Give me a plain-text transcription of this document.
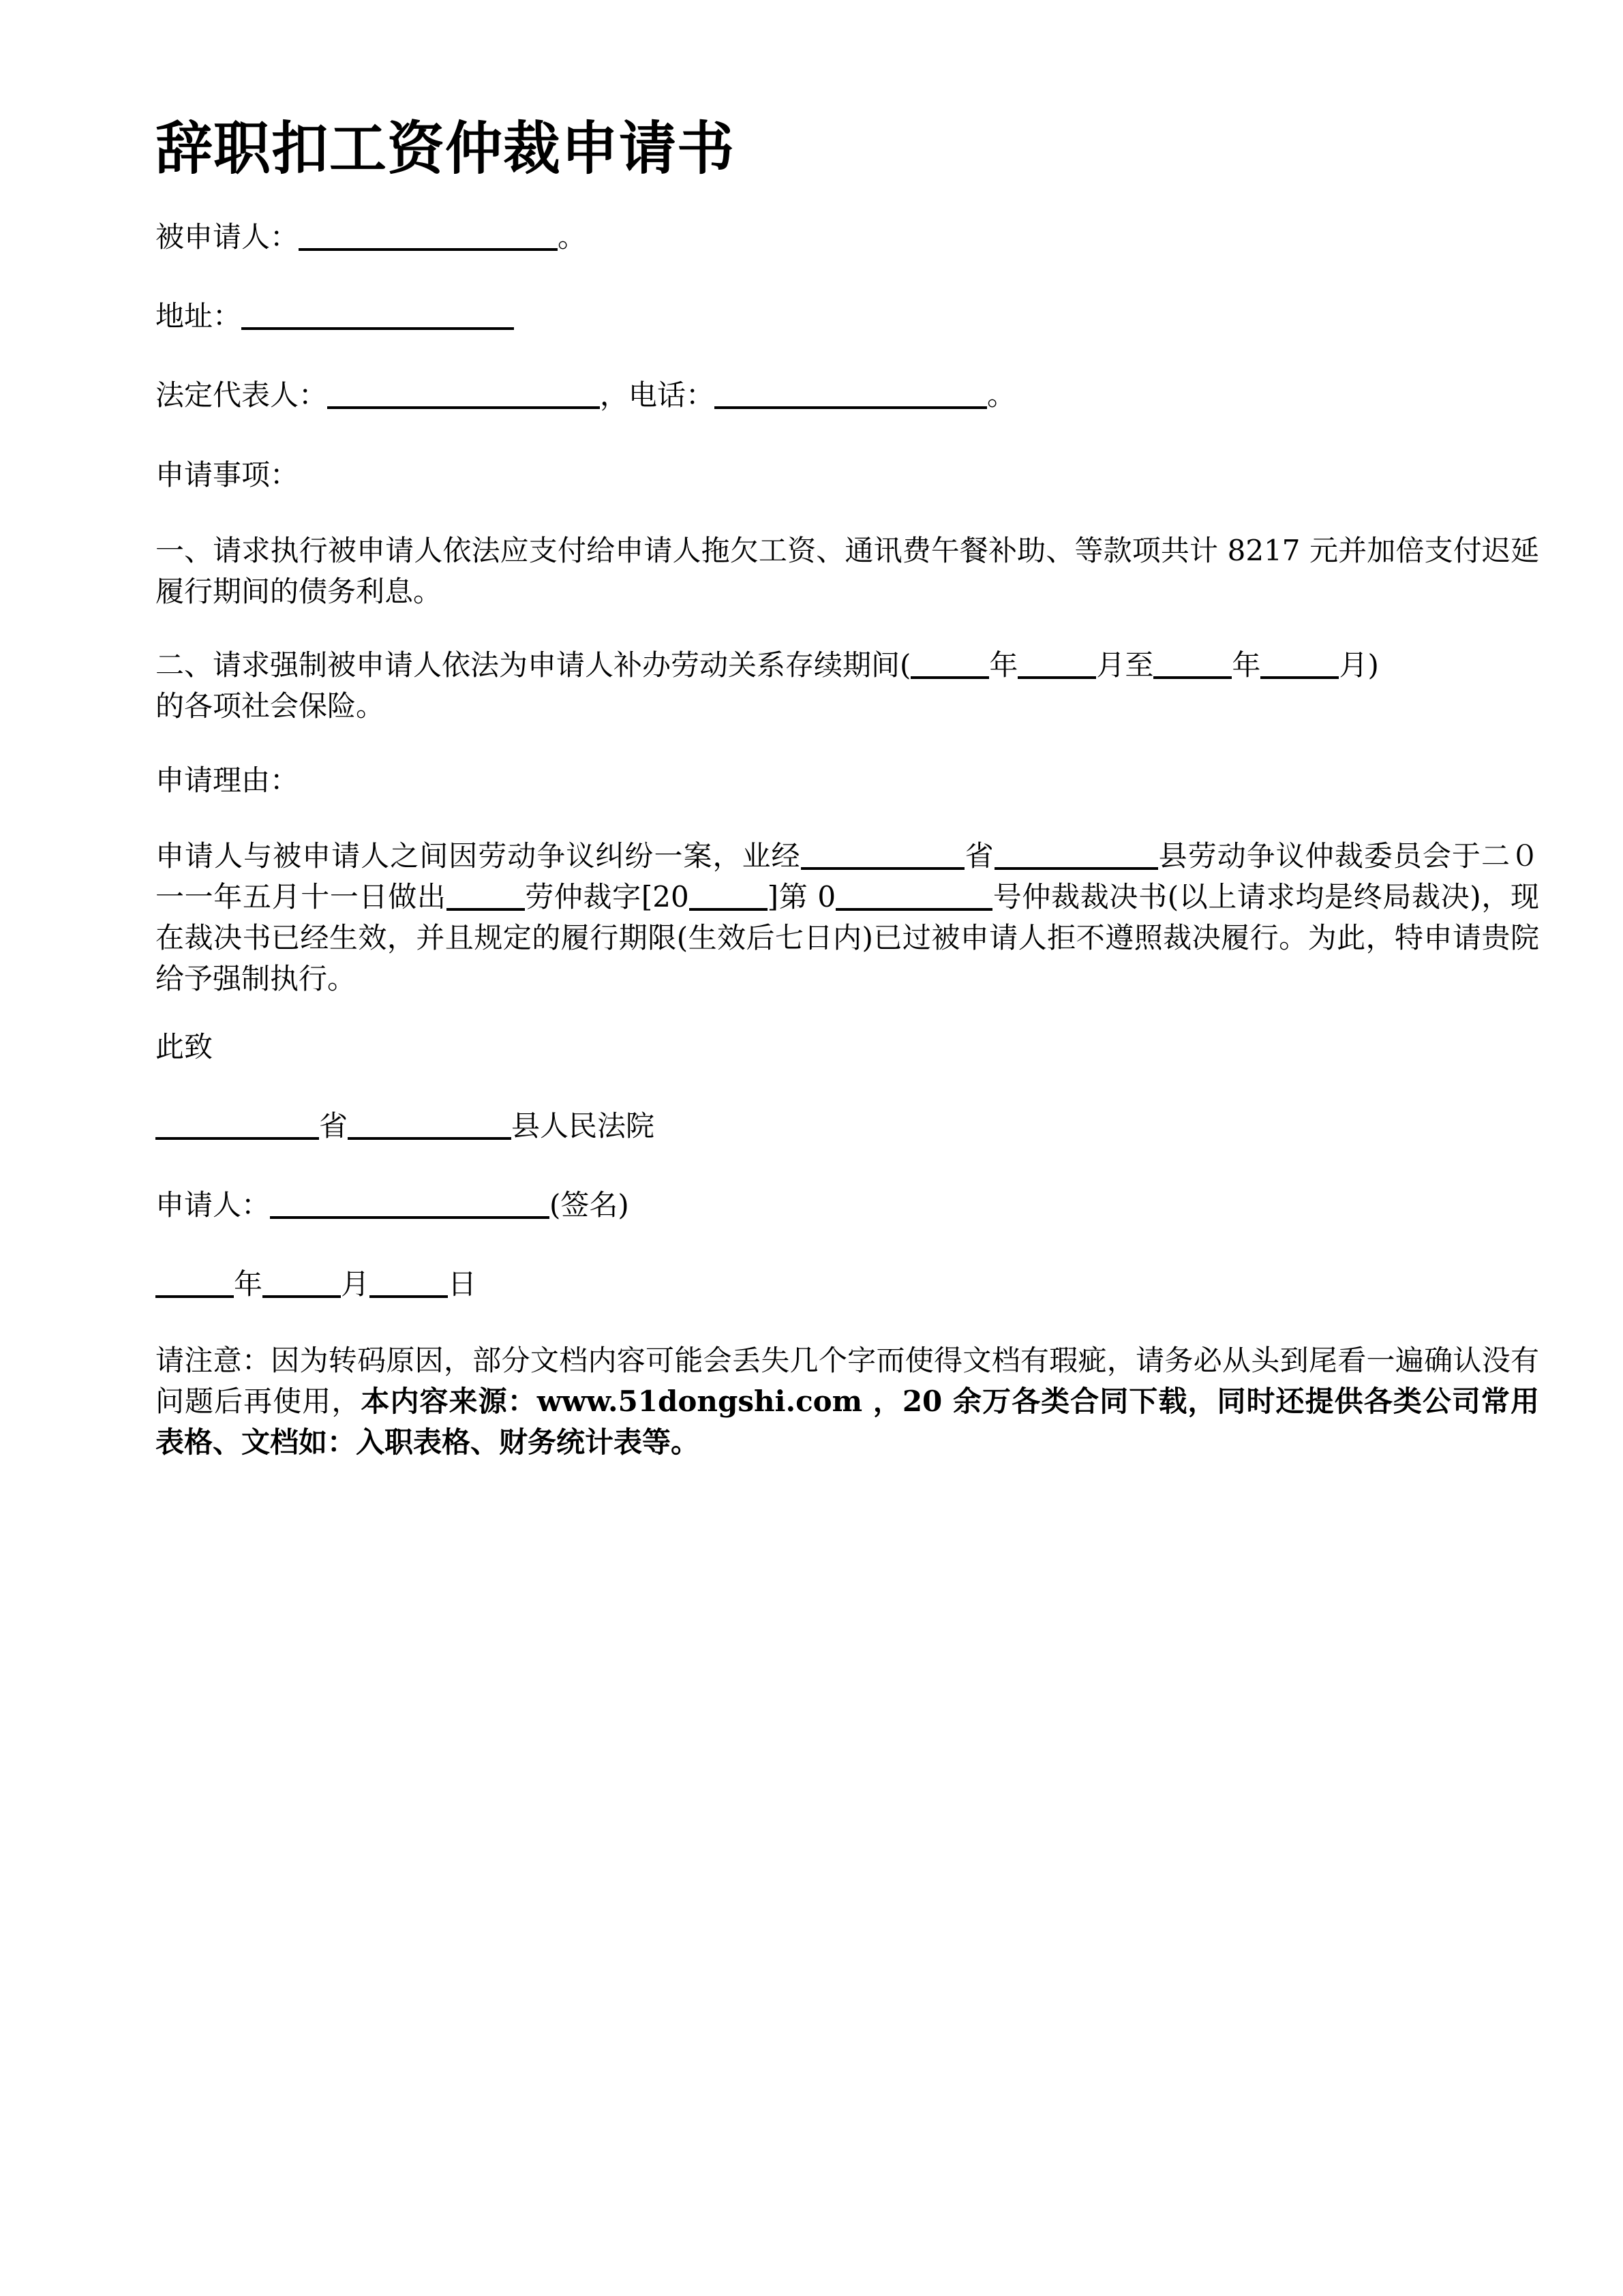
辞职扣工资仲裁申请书

被申请人：	。

地址：

法定代表人：	，电话：	。

申请事项：

一、请求执行被申请人依法应支付给申请人拖欠工资、通讯费午餐补助、等款项共计 8217 元并加倍支付迟延履行期间的债务利息。

二、请求强制被申请人依法为申请人补办劳动关系存续期间(	年	月至	年	月)
的各项社会保险。

申请理由：

申请人与被申请人之间因劳动争议纠纷一案，业经	省	县劳动争议仲裁委员会于二０一一年五月十一日做出	劳仲裁字[20	]第 0	号仲裁裁决书(以上请求均是终局裁决)，现在裁决书已经生效，并且规定的履行期限(生效后七日内)已过被申请人拒不遵照裁决履行。为此，特申请贵院给予强制执行。

此致

省	县人民法院

申请人：	(签名)

年	月	日

请注意：因为转码原因，部分文档内容可能会丢失几个字而使得文档有瑕疵，请务必从头到尾看一遍确认没有问题后再使用，本内容来源：www.51dongshi.com ，20 余万各类合同下载，同时还提供各类公司常用表格、文档如：入职表格、财务统计表等。
